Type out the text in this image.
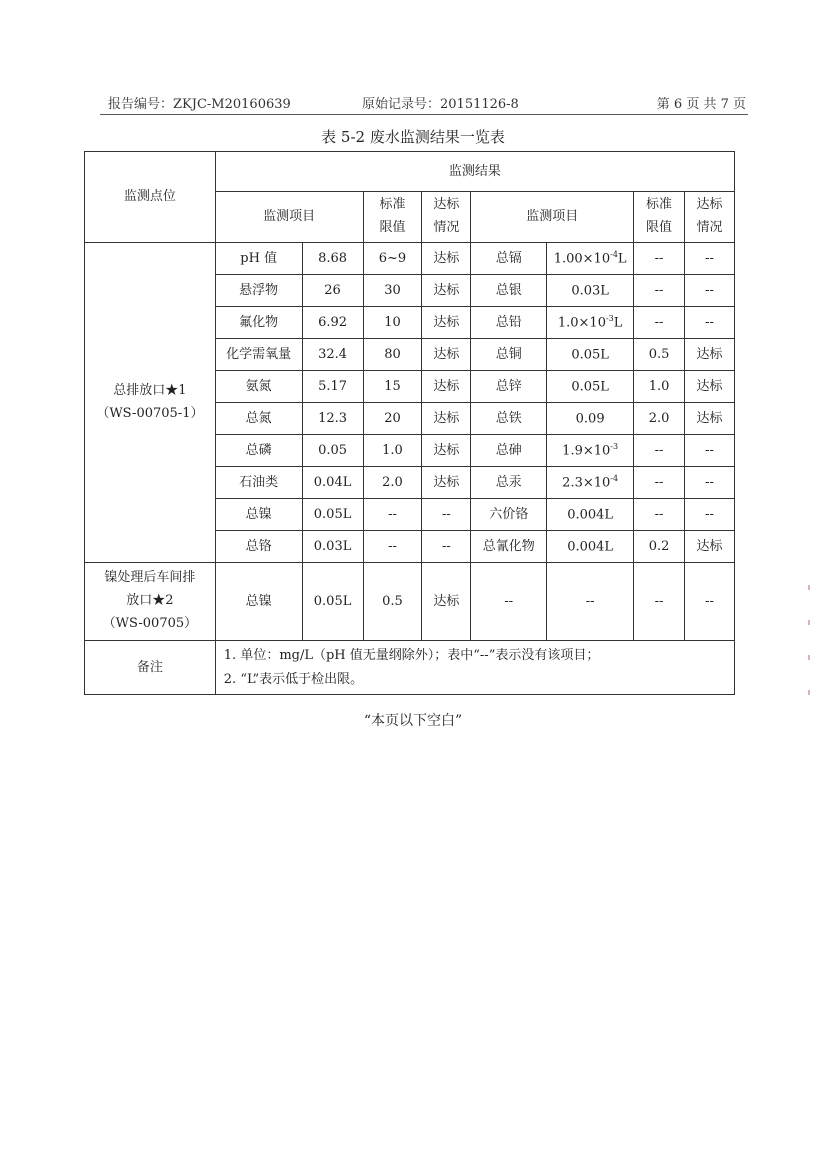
报告编号：ZKJC-M20160639	原始记录号：20151126-8	第 6 页 共 7 页
表 5-2 废水监测结果一览表
监测点位	监测结果							
	监测项目		标准
限值	达标
情况	监测项目		标准
限值	达标
情况
总排放口★1
（WS-00705-1）	pH 值	8.68	6~9	达标	总镉	$1.00\times 10^{-4}L$	--	--
	悬浮物	26	30	达标	总银	0.03L	--	--
	氟化物	6.92	10	达标	总铅	$1.0\times 10^{-3}L$	--	--
	化学需氧量	32.4	80	达标	总铜	0.05L	0.5	达标
	氨氮	5.17	15	达标	总锌	0.05L	1.0	达标
	总氮	12.3	20	达标	总铁	0.09	2.0	达标
	总磷	0.05	1.0	达标	总砷	$1.9\times 10^{-3}$	--	--
	石油类	0.04L	2.0	达标	总汞	$2.3\times 10^{-4}$	--	--
	总镍	0.05L	--	--	六价铬	0.004L	--	--
	总铬	0.03L	--	--	总氰化物	0.004L	0.2	达标
镍处理后车间排
放口★2
（WS-00705）	总镍	0.05L	0.5	达标	--	--	--	--
备注	1. 单位：mg/L（pH 值无量纲除外）；表中“--”表示没有该项目；
2. “L”表示低于检出限。							
“本页以下空白”
